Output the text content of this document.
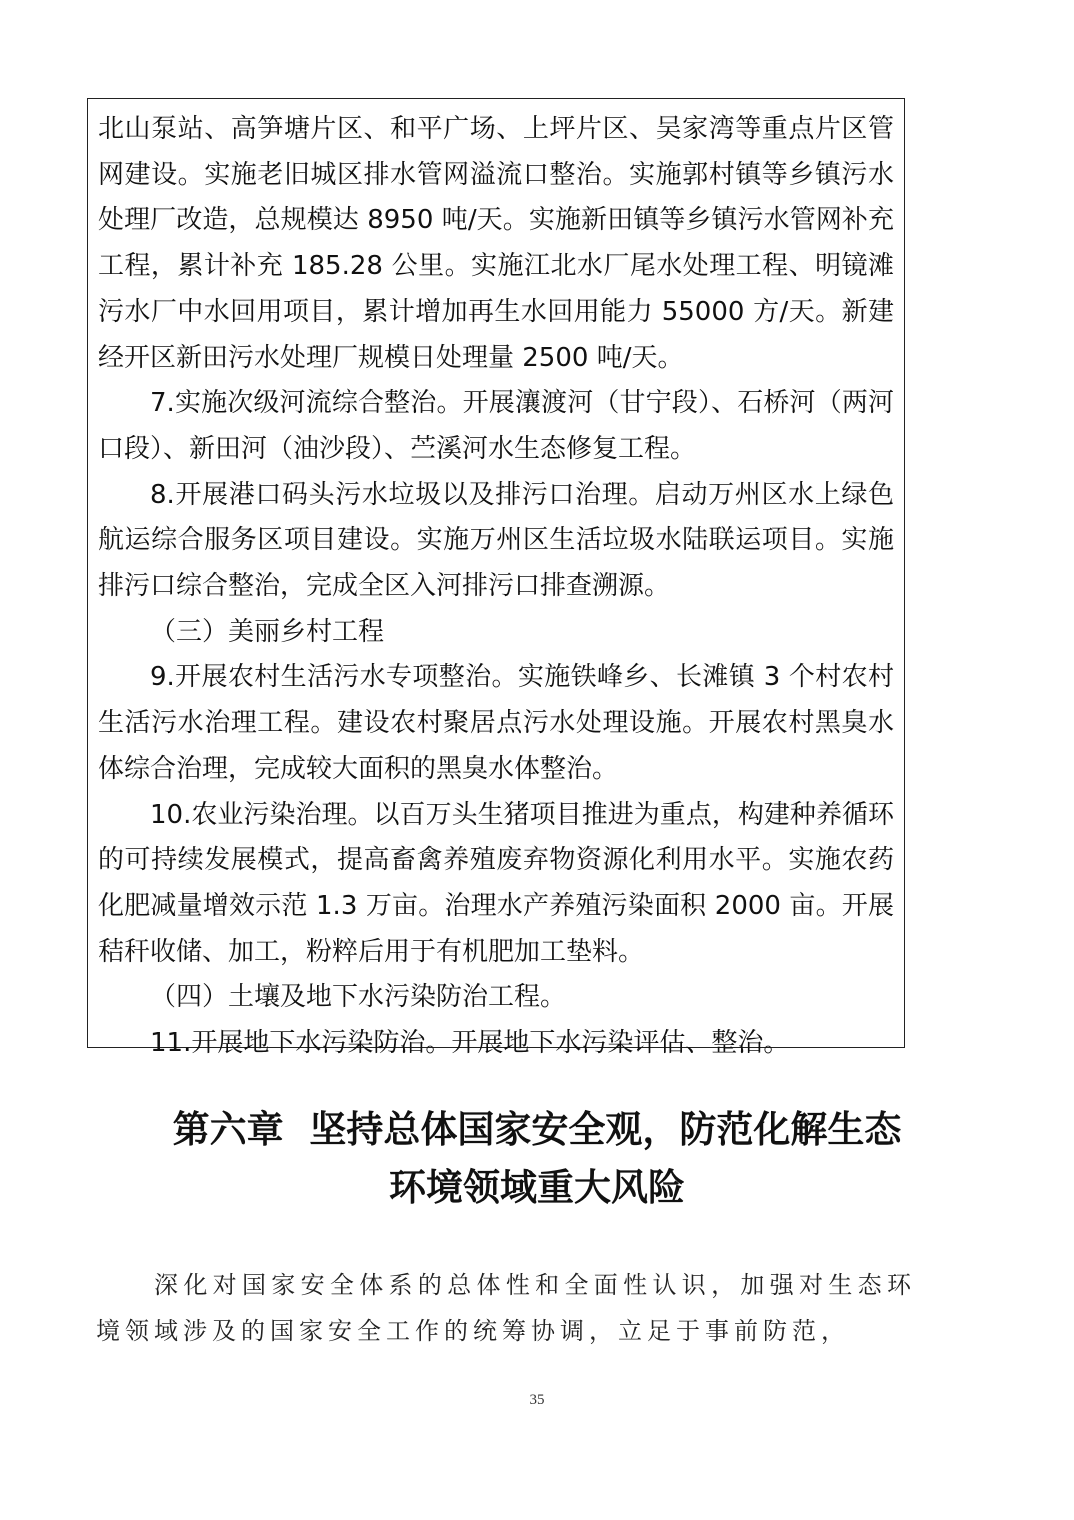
北山泵站、高笋塘片区、和平广场、上坪片区、吴家湾等重点片区管网建设。实施老旧城区排水管网溢流口整治。实施郭村镇等乡镇污水处理厂改造，总规模达 8950 吨/天。实施新田镇等乡镇污水管网补充工程，累计补充 185.28 公里。实施江北水厂尾水处理工程、明镜滩污水厂中水回用项目，累计增加再生水回用能力 55000 方/天。新建经开区新田污水处理厂规模日处理量 2500 吨/天。

7.实施次级河流综合整治。开展瀼渡河（甘宁段）、石桥河（两河口段）、新田河（油沙段）、苎溪河水生态修复工程。

8.开展港口码头污水垃圾以及排污口治理。启动万州区水上绿色航运综合服务区项目建设。实施万州区生活垃圾水陆联运项目。实施排污口综合整治，完成全区入河排污口排查溯源。

（三）美丽乡村工程

9.开展农村生活污水专项整治。实施铁峰乡、长滩镇 3 个村农村生活污水治理工程。建设农村聚居点污水处理设施。开展农村黑臭水体综合治理，完成较大面积的黑臭水体整治。

10.农业污染治理。以百万头生猪项目推进为重点，构建种养循环的可持续发展模式，提高畜禽养殖废弃物资源化利用水平。实施农药化肥减量增效示范 1.3 万亩。治理水产养殖污染面积 2000 亩。开展秸秆收储、加工，粉粹后用于有机肥加工垫料。

（四）土壤及地下水污染防治工程。

11.开展地下水污染防治。开展地下水污染评估、整治。

第六章  坚持总体国家安全观，防范化解生态
环境领域重大风险

深化对国家安全体系的总体性和全面性认识，加强对生态环境领域涉及的国家安全工作的统筹协调，立足于事前防范，

35
